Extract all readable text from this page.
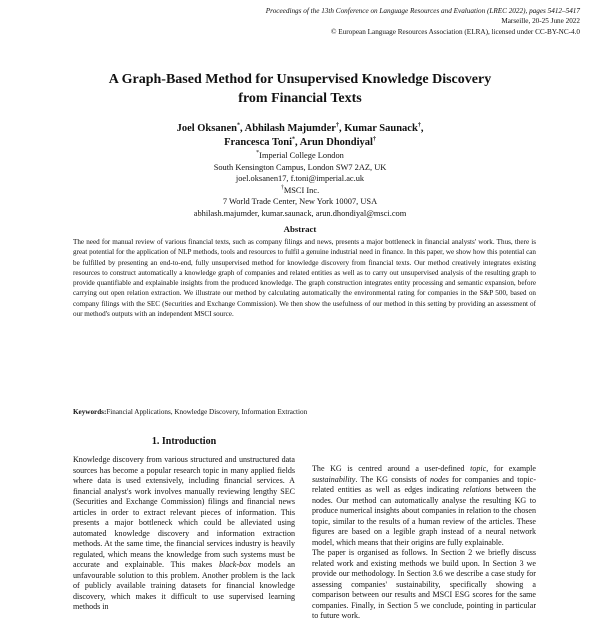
Proceedings of the 13th Conference on Language Resources and Evaluation (LREC 2022), pages 5412–5417
Marseille, 20-25 June 2022
© European Language Resources Association (ELRA), licensed under CC-BY-NC-4.0
A Graph-Based Method for Unsupervised Knowledge Discovery
from Financial Texts
Joel Oksanen*, Abhilash Majumder†, Kumar Saunack†,
Francesca Toni*, Arun Dhondiyal†
*Imperial College London
South Kensington Campus, London SW7 2AZ, UK
joel.oksanen17, f.toni@imperial.ac.uk
†MSCI Inc.
7 World Trade Center, New York 10007, USA
abhilash.majumder, kumar.saunack, arun.dhondiyal@msci.com
Abstract

The need for manual review of various financial texts, such as company filings and news, presents a major bottleneck in financial analysts' work. Thus, there is great potential for the application of NLP methods, tools and resources to fulfil a genuine industrial need in finance. In this paper, we show how this potential can be fulfilled by presenting an end-to-end, fully unsupervised method for knowledge discovery from financial texts. Our method creatively integrates existing resources to construct automatically a knowledge graph of companies and related entities as well as to carry out unsupervised analysis of the resulting graph to provide quantifiable and explainable insights from the produced knowledge. The graph construction integrates entity processing and semantic expansion, before carrying out open relation extraction. We illustrate our method by calculating automatically the environmental rating for companies in the S&P 500, based on company filings with the SEC (Securities and Exchange Commission). We then show the usefulness of our method in this setting by providing an assessment of our method's outputs with an independent MSCI source.

Keywords:Financial Applications, Knowledge Discovery, Information Extraction
1. Introduction

Knowledge discovery from various structured and unstructured data sources has become a popular research topic in many applied fields where data is used extensively, including financial services. A financial analyst's work involves manually reviewing lengthy SEC (Securities and Exchange Commission) filings and financial news articles in order to extract relevant pieces of information. This presents a major bottleneck which could be alleviated using automated knowledge discovery and information extraction methods. At the same time, the financial services industry is heavily regulated, which means the knowledge from such systems must be accurate and explainable. This makes black-box models an unfavourable solution to this problem. Another problem is the lack of publicly available training datasets for financial knowledge discovery, which makes it difficult to use supervised learning methods in

The KG is centred around a user-defined topic, for example sustainability. The KG consists of nodes for companies and topic-related entities as well as edges indicating relations between the nodes. Our method can automatically analyse the resulting KG to produce numerical insights about companies in relation to the chosen topic, similar to the results of a human review of the articles. These figures are based on a legible graph instead of a neural network model, which means that their origins are fully explainable.

The paper is organised as follows. In Section 2 we briefly discuss related work and existing methods we build upon. In Section 3 we provide our methodology. In Section 3.6 we describe a case study for assessing companies' sustainability, specifically showing a comparison between our results and MSCI ESG scores for the same companies. Finally, in Section 5 we conclude, pointing in particular to future work.
